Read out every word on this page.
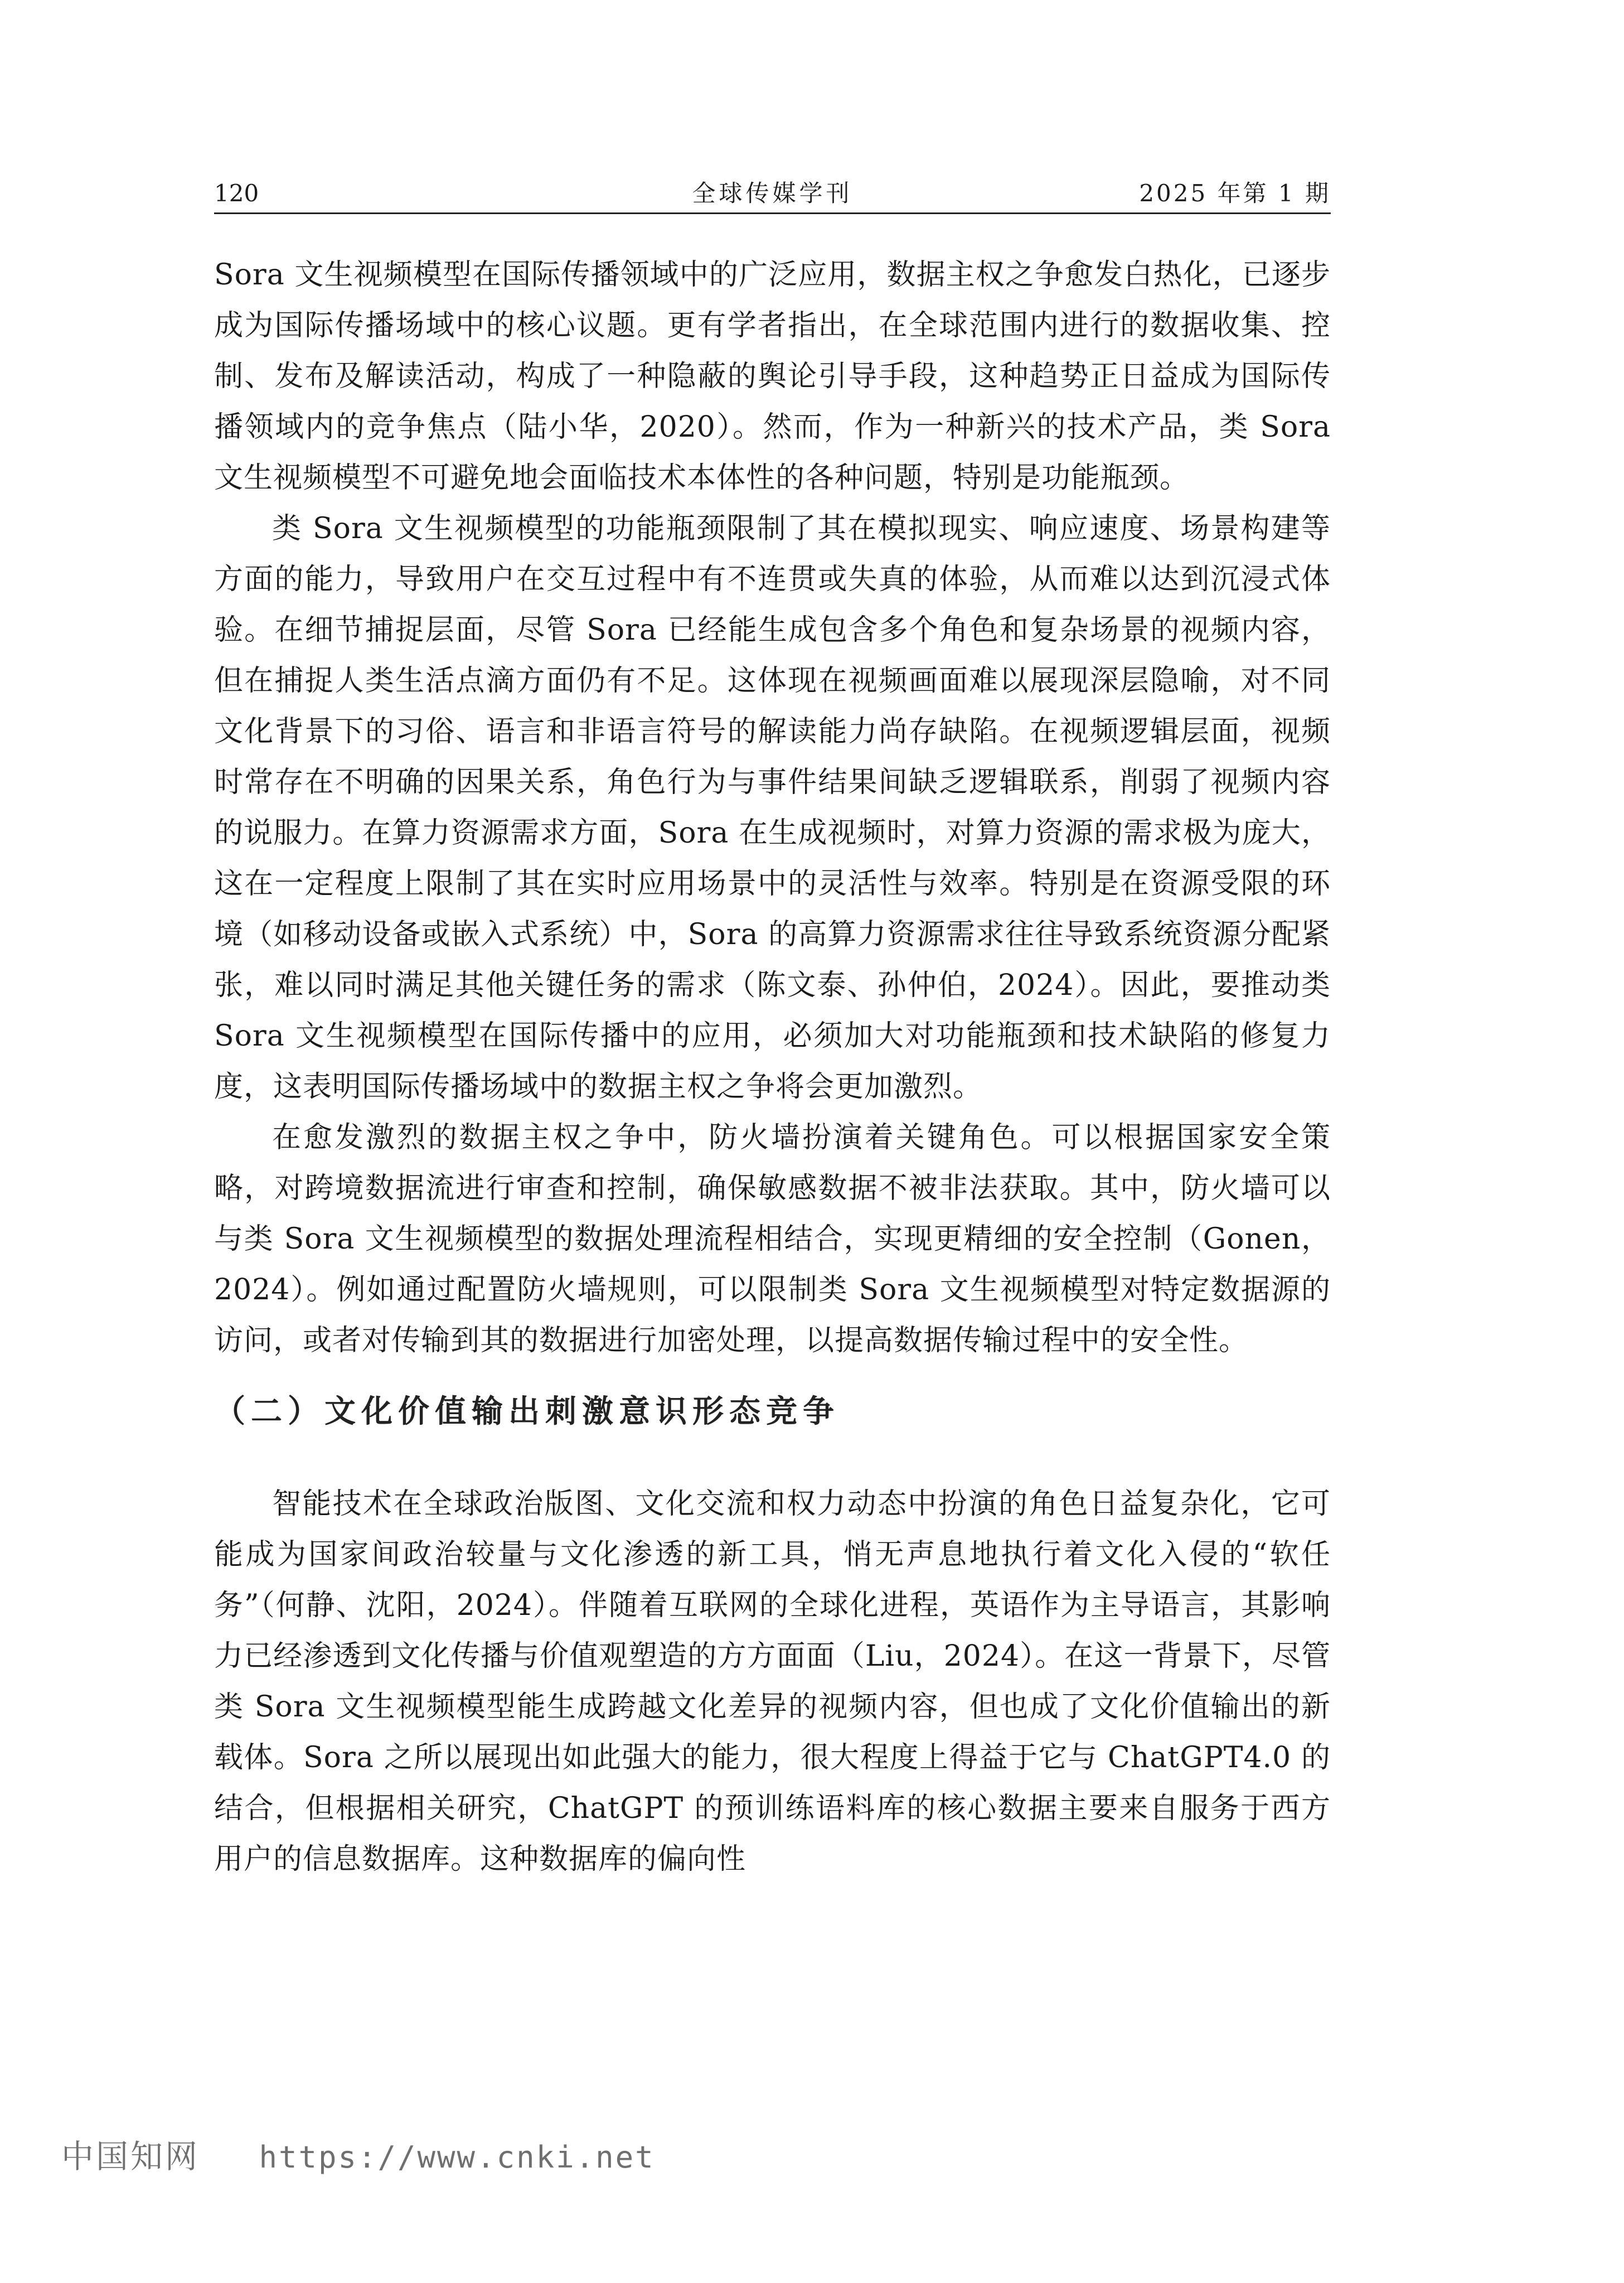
120	全球传媒学刊	2025 年第 1 期

Sora 文生视频模型在国际传播领域中的广泛应用，数据主权之争愈发白热化，已逐步成为国际传播场域中的核心议题。更有学者指出，在全球范围内进行的数据收集、控制、发布及解读活动，构成了一种隐蔽的舆论引导手段，这种趋势正日益成为国际传播领域内的竞争焦点（陆小华，2020）。然而，作为一种新兴的技术产品，类 Sora 文生视频模型不可避免地会面临技术本体性的各种问题，特别是功能瓶颈。

类 Sora 文生视频模型的功能瓶颈限制了其在模拟现实、响应速度、场景构建等方面的能力，导致用户在交互过程中有不连贯或失真的体验，从而难以达到沉浸式体验。在细节捕捉层面，尽管 Sora 已经能生成包含多个角色和复杂场景的视频内容，但在捕捉人类生活点滴方面仍有不足。这体现在视频画面难以展现深层隐喻，对不同文化背景下的习俗、语言和非语言符号的解读能力尚存缺陷。在视频逻辑层面，视频时常存在不明确的因果关系，角色行为与事件结果间缺乏逻辑联系，削弱了视频内容的说服力。在算力资源需求方面，Sora 在生成视频时，对算力资源的需求极为庞大，这在一定程度上限制了其在实时应用场景中的灵活性与效率。特别是在资源受限的环境（如移动设备或嵌入式系统）中，Sora 的高算力资源需求往往导致系统资源分配紧张，难以同时满足其他关键任务的需求（陈文泰、孙仲伯，2024）。因此，要推动类 Sora 文生视频模型在国际传播中的应用，必须加大对功能瓶颈和技术缺陷的修复力度，这表明国际传播场域中的数据主权之争将会更加激烈。

在愈发激烈的数据主权之争中，防火墙扮演着关键角色。可以根据国家安全策略，对跨境数据流进行审查和控制，确保敏感数据不被非法获取。其中，防火墙可以与类 Sora 文生视频模型的数据处理流程相结合，实现更精细的安全控制（Gonen，2024）。例如通过配置防火墙规则，可以限制类 Sora 文生视频模型对特定数据源的访问，或者对传输到其的数据进行加密处理，以提高数据传输过程中的安全性。

（二）文化价值输出刺激意识形态竞争

智能技术在全球政治版图、文化交流和权力动态中扮演的角色日益复杂化，它可能成为国家间政治较量与文化渗透的新工具，悄无声息地执行着文化入侵的“软任务”（何静、沈阳，2024）。伴随着互联网的全球化进程，英语作为主导语言，其影响力已经渗透到文化传播与价值观塑造的方方面面（Liu，2024）。在这一背景下，尽管类 Sora 文生视频模型能生成跨越文化差异的视频内容，但也成了文化价值输出的新载体。Sora 之所以展现出如此强大的能力，很大程度上得益于它与 ChatGPT4.0 的结合，但根据相关研究，ChatGPT 的预训练语料库的核心数据主要来自服务于西方用户的信息数据库。这种数据库的偏向性

中国知网 https://www.cnki.net
